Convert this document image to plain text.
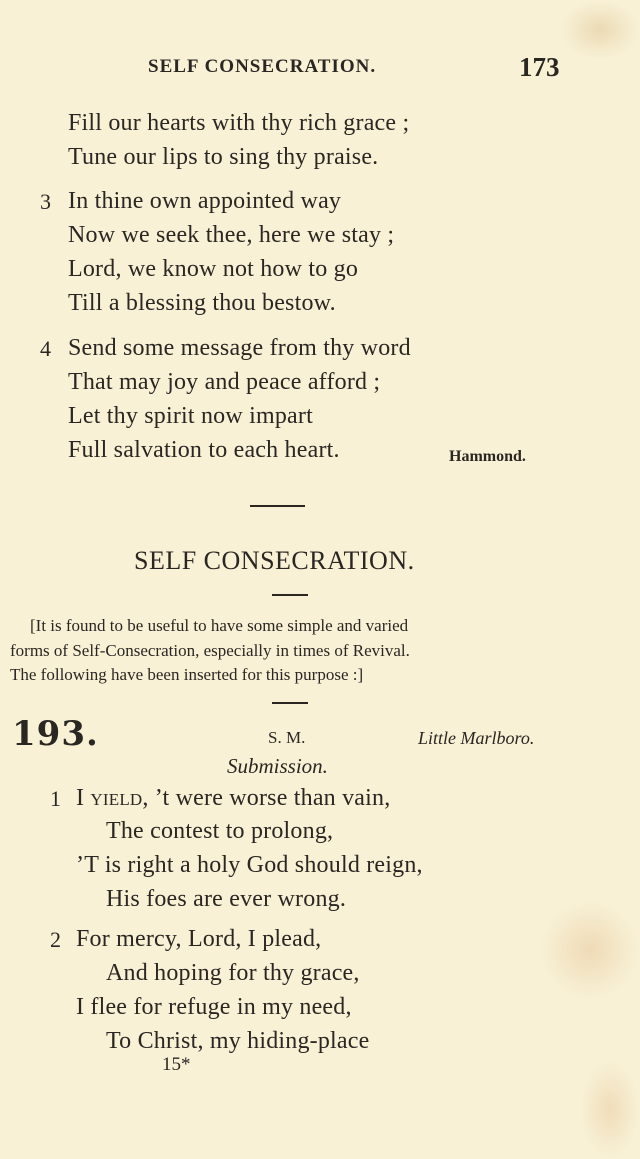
SELF CONSECRATION.	173
Fill our hearts with thy rich grace ;
Tune our lips to sing thy praise.
3 In thine own appointed way
Now we seek thee, here we stay ;
Lord, we know not how to go
Till a blessing thou bestow.
4 Send some message from thy word
That may joy and peace afford ;
Let thy spirit now impart
Full salvation to each heart.	Hammond.
SELF CONSECRATION.
[It is found to be useful to have some simple and varied
forms of Self-Consecration, especially in times of Revival.
The following have been inserted for this purpose :]
193.	S. M.	Little Marlboro.
Submission.
1 I yield, ’t were worse than vain,
The contest to prolong,
’T is right a holy God should reign,
His foes are ever wrong.
2 For mercy, Lord, I plead,
And hoping for thy grace,
I flee for refuge in my need,
To Christ, my hiding-place
15*
